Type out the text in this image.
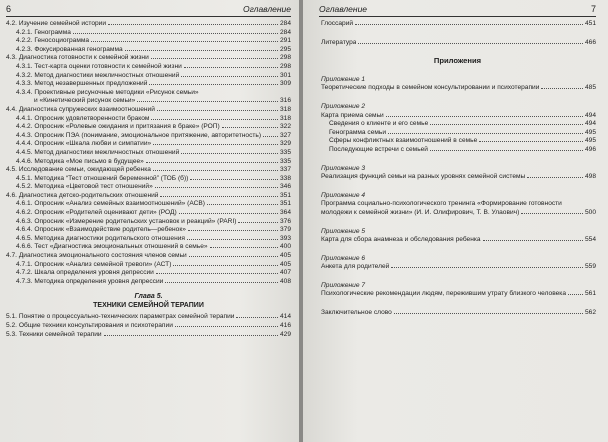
6	Оглавление
4.2. Изучение семейной истории	284
4.2.1. Генограмма	284
4.2.2. Геносоциограмма	291
4.2.3. Фокусированная генограмма	295
4.3. Диагностика готовности к семейной жизни	298
4.3.1. Тест-карта оценки готовности к семейной жизни	298
4.3.2. Метод диагностики межличностных отношений	301
4.3.3. Метод незавершенных предложений	309
4.3.4. Проективные рисуночные методики «Рисунок семьи»
и «Кинетический рисунок семьи»	316
4.4. Диагностика супружеских взаимоотношений	318
4.4.1. Опросник удовлетворенности браком	318
4.4.2. Опросник «Ролевые ожидания и притязания в браке» (РОП)	322
4.4.3. Опросник ПЭА (понимание, эмоциональное притяжение, авторитетность)	327
4.4.4. Опросник «Шкала любви и симпатии»	329
4.4.5. Метод диагностики межличностных отношений	335
4.4.6. Методика «Мое письмо в будущее»	335
4.5. Исследование семьи, ожидающей ребенка	337
4.5.1. Методика “Тест отношений беременной” (ТОБ (б))	338
4.5.2. Методика «Цветовой тест отношений»	346
4.6. Диагностика детско-родительских отношений	351
4.6.1. Опросник «Анализ семейных взаимоотношений» (АСВ)	351
4.6.2. Опросник «Родителей оценивают дети» (РОД)	364
4.6.3. Опросник «Измерение родительских установок и реакций» (PARI)	376
4.6.4. Опросник «Взаимодействие родитель—ребенок»	379
4.6.5. Методика диагностики родительского отношения	393
4.6.6. Тест «Диагностика эмоциональных отношений в семье»	400
4.7. Диагностика эмоционального состояния членов семьи	405
4.7.1. Опросник «Анализ семейной тревоги» (АСТ)	405
4.7.2. Шкала определения уровня депрессии	407
4.7.3. Методика определения уровня депрессии	408
Глава 5.
ТЕХНИКИ СЕМЕЙНОЙ ТЕРАПИИ
5.1. Понятие о процессуально-технических параметрах семейной терапии	414
5.2. Общие техники консультирования и психотерапии	416
5.3. Техники семейной терапии	429
Оглавление	7
Глоссарий	451
Литература	466
Приложения
Приложение 1
Теоретические подходы в семейном консультировании и психотерапии	485
Приложение 2
Карта приема семьи	494
Сведения о клиенте и его семье	494
Генограмма семьи	495
Сферы конфликтных взаимоотношений в семье	495
Последующие встречи с семьей	496
Приложение 3
Реализация функций семьи на разных уровнях семейной системы	498
Приложение 4
Программа социально-психологического тренинга «Формирование готовности
молодежи к семейной жизни» (И. И. Олифирович, Т. В. Улаович)	500
Приложение 5
Карта для сбора анамнеза и обследования ребенка	554
Приложение 6
Анкета для родителей	559
Приложение 7
Психологические рекомендации людям, пережившим утрату близкого человека	561
Заключительное слово	562
